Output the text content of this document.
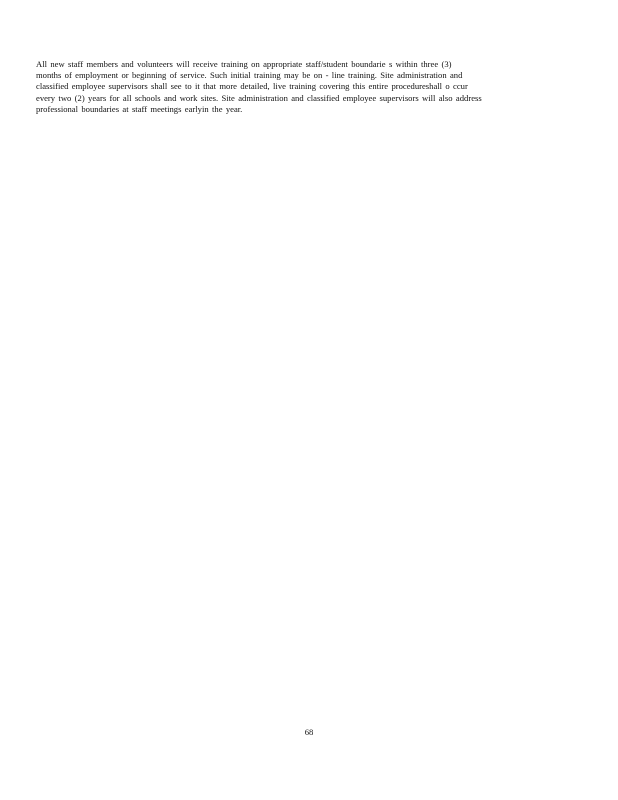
All new staff members and volunteers will receive training on appropriate staff/student boundarie s within three (3)
months of employment or beginning of service. Such initial training may be on - line training. Site administration and
classified employee supervisors shall see to it that more detailed, live training covering this entire procedureshall o ccur
every two (2) years for all schools and work sites. Site administration and classified employee supervisors will also address
professional boundaries at staff meetings earlyin the year.

68
